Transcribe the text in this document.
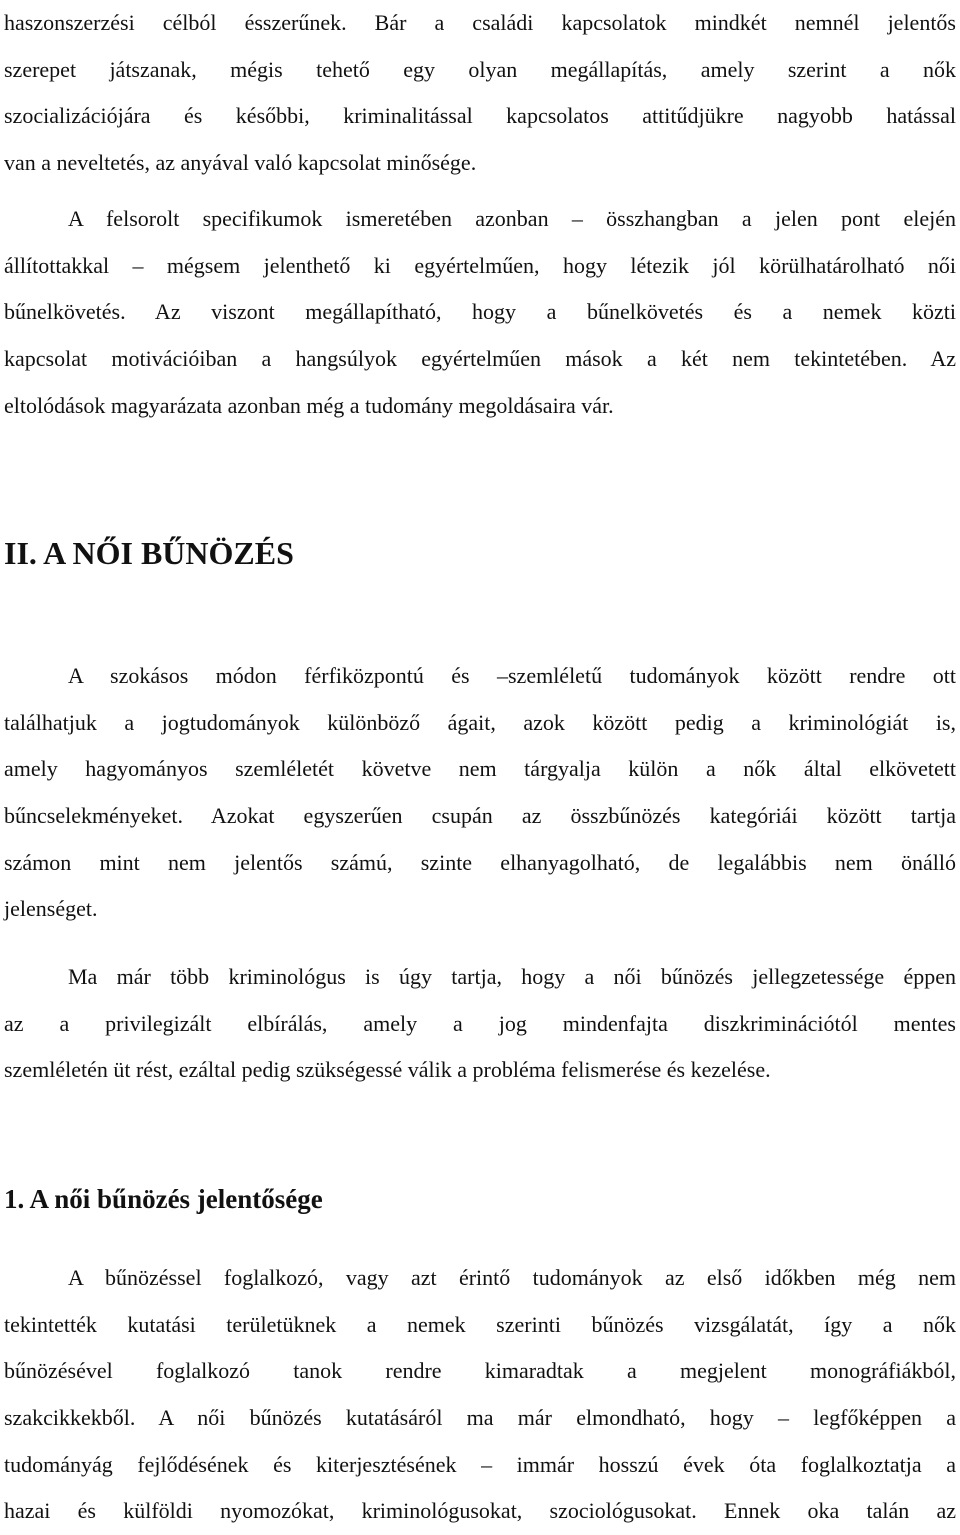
haszonszerzési célból ésszerűnek. Bár a családi kapcsolatok mindkét nemnél jelentős
szerepet játszanak, mégis tehető egy olyan megállapítás, amely szerint a nők
szocializációjára és későbbi, kriminalitással kapcsolatos attitűdjükre nagyobb hatással
van a neveltetés, az anyával való kapcsolat minősége.
A felsorolt specifikumok ismeretében azonban – összhangban a jelen pont elején
állítottakkal – mégsem jelenthető ki egyértelműen, hogy létezik jól körülhatárolható női
bűnelkövetés. Az viszont megállapítható, hogy a bűnelkövetés és a nemek közti
kapcsolat motivációiban a hangsúlyok egyértelműen mások a két nem tekintetében. Az
eltolódások magyarázata azonban még a tudomány megoldásaira vár.
II. A NŐI BŰNÖZÉS
A szokásos módon férfiközpontú és –szemléletű tudományok között rendre ott
találhatjuk a jogtudományok különböző ágait, azok között pedig a kriminológiát is,
amely hagyományos szemléletét követve nem tárgyalja külön a nők által elkövetett
bűncselekményeket. Azokat egyszerűen csupán az összbűnözés kategóriái között tartja
számon mint nem jelentős számú, szinte elhanyagolható, de legalábbis nem önálló
jelenséget.
Ma már több kriminológus is úgy tartja, hogy a női bűnözés jellegzetessége éppen
az a privilegizált elbírálás, amely a jog mindenfajta diszkriminációtól mentes
szemléletén üt rést, ezáltal pedig szükségessé válik a probléma felismerése és kezelése.
1. A női bűnözés jelentősége
A bűnözéssel foglalkozó, vagy azt érintő tudományok az első időkben még nem
tekintették kutatási területüknek a nemek szerinti bűnözés vizsgálatát, így a nők
bűnözésével foglalkozó tanok rendre kimaradtak a megjelent monográfiákból,
szakcikkekből. A női bűnözés kutatásáról ma már elmondható, hogy – legfőképpen a
tudományág fejlődésének és kiterjesztésének – immár hosszú évek óta foglalkoztatja a
hazai és külföldi nyomozókat, kriminológusokat, szociológusokat. Ennek oka talán az
